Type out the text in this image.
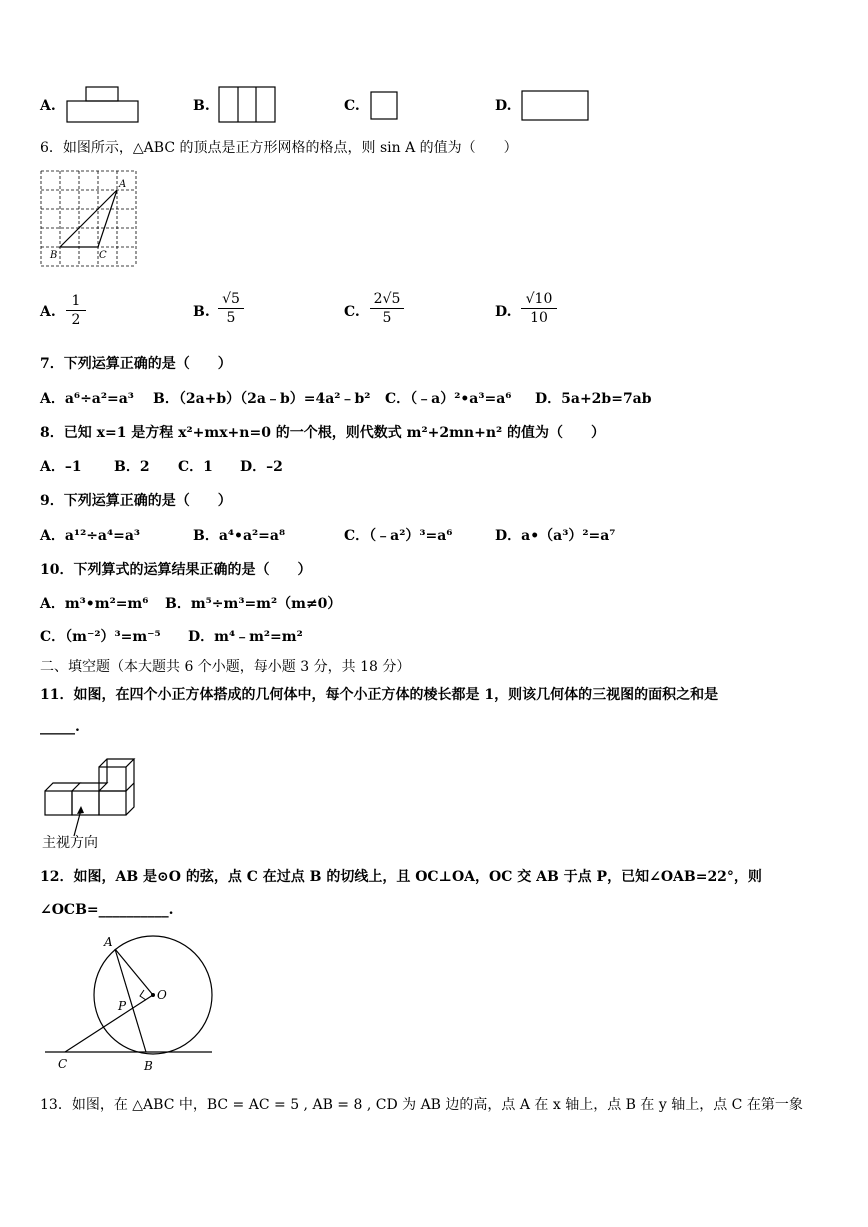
A.	B.	C.	D.
6．如图所示，△ABC 的顶点是正方形网格的格点，则 sin A 的值为（　　）
A
B	C
A.
1
2	B.
√5
5	C.
2√5
5	D.
√10
10
7．下列运算正确的是（　　）
A．a⁶÷a²=a³ B．（2a+b）（2a﹣b）=4a²﹣b² C．（﹣a）²•a³=a⁶ D．5a+2b=7ab
8．已知 x=1 是方程 x²+mx+n=0 的一个根，则代数式 m²+2mn+n² 的值为（　　）
A．–1 B．2 C．1 D．–2
9．下列运算正确的是（　　）
A．a¹²÷a⁴=a³	B．a⁴•a²=a⁸	C．（﹣a²）³=a⁶	D．a•（a³）²=a⁷
10．下列算式的运算结果正确的是（　　）
A．m³•m²=m⁶ B．m⁵÷m³=m²（m≠0）
C．（m⁻²）³=m⁻⁵ D．m⁴﹣m²=m²
二、填空题（本大题共 6 个小题，每小题 3 分，共 18 分）
11．如图，在四个小正方体搭成的几何体中，每个小正方体的棱长都是 1，则该几何体的三视图的面积之和是
_____.
主视方向
12．如图，AB 是⊙O 的弦，点 C 在过点 B 的切线上，且 OC⊥OA，OC 交 AB 于点 P，已知∠OAB=22°，则
∠OCB=__________.
A
O
P
C	B
13．如图，在 △ABC 中，BC = AC = 5 , AB = 8 , CD 为 AB 边的高，点 A 在 x 轴上，点 B 在 y 轴上，点 C 在第一象
